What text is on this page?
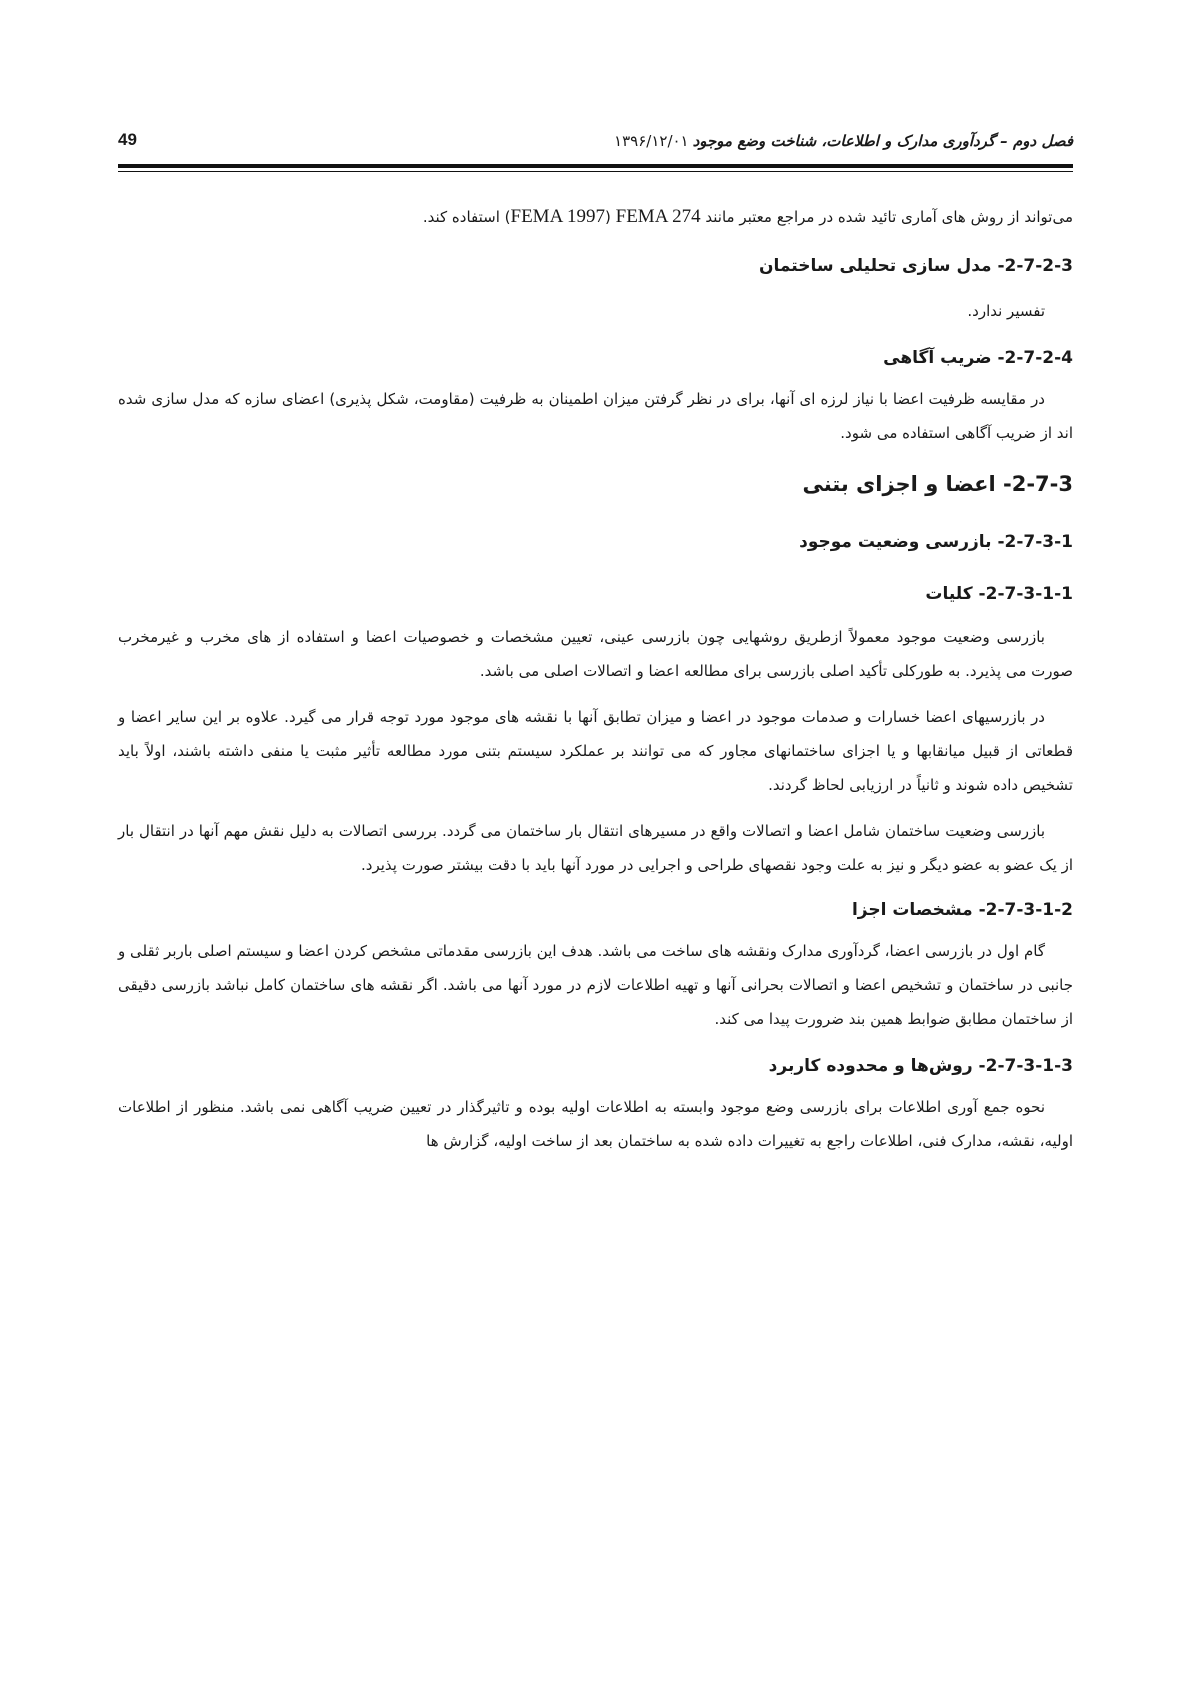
فصل دوم – گردآوری مدارک و اطلاعات، شناخت وضع موجود۱۳۹۶/۱۲/۰۱
49

می‌تواند از روش های آماری تائید شده در مراجع معتبر مانند FEMA 274 (FEMA 1997) استفاده کند.

2-7-2-3- مدل سازی تحلیلی ساختمان

تفسیر ندارد.

2-7-2-4- ضریب آگاهی

در مقایسه ظرفیت اعضا با نیاز لرزه ای آنها، برای در نظر گرفتن میزان اطمینان به ظرفیت (مقاومت، شکل پذیری) اعضای سازه که مدل سازی شده اند از ضریب آگاهی استفاده می شود.

2-7-3- اعضا و اجزای بتنی

2-7-3-1- بازرسی وضعیت موجود

2-7-3-1-1- کلیات

بازرسی وضعیت موجود معمولاً ازطریق روشهایی چون بازرسی عینی، تعیین مشخصات و خصوصیات اعضا و استفاده از های مخرب و غیرمخرب صورت می پذیرد. به طورکلی تأکید اصلی بازرسی برای مطالعه اعضا و اتصالات اصلی می باشد.

در بازرسیهای اعضا خسارات و صدمات موجود در اعضا و میزان تطابق آنها با نقشه های موجود مورد توجه قرار می گیرد. علاوه بر این سایر اعضا و قطعاتی از قبیل میانقابها و یا اجزای ساختمانهای مجاور که می توانند بر عملکرد سیستم بتنی مورد مطالعه تأثیر مثبت یا منفی داشته باشند، اولاً باید تشخیص داده شوند و ثانیاً در ارزیابی لحاظ گردند.

بازرسی وضعیت ساختمان شامل اعضا و اتصالات واقع در مسیرهای انتقال بار ساختمان می گردد. بررسی اتصالات به دلیل نقش مهم آنها در انتقال بار از یک عضو به عضو دیگر و نیز به علت وجود نقصهای طراحی و اجرایی در مورد آنها باید با دقت بیشتر صورت پذیرد.

2-7-3-1-2- مشخصات اجزا

گام اول در بازرسی اعضا، گردآوری مدارک ونقشه های ساخت می باشد. هدف این بازرسی مقدماتی مشخص کردن اعضا و سیستم اصلی باربر ثقلی و جانبی در ساختمان و تشخیص اعضا و اتصالات بحرانی آنها و تهیه اطلاعات لازم در مورد آنها می باشد. اگر نقشه های ساختمان کامل نباشد بازرسی دقیقی از ساختمان مطابق ضوابط همین بند ضرورت پیدا می کند.

2-7-3-1-3- روش‌ها و محدوده کاربرد

نحوه جمع آوری اطلاعات برای بازرسی وضع موجود وابسته به اطلاعات اولیه بوده و تاثیرگذار در تعیین ضریب آگاهی نمی باشد. منظور از اطلاعات اولیه، نقشه، مدارک فنی، اطلاعات راجع به تغییرات داده شده به ساختمان بعد از ساخت اولیه، گزارش ها
